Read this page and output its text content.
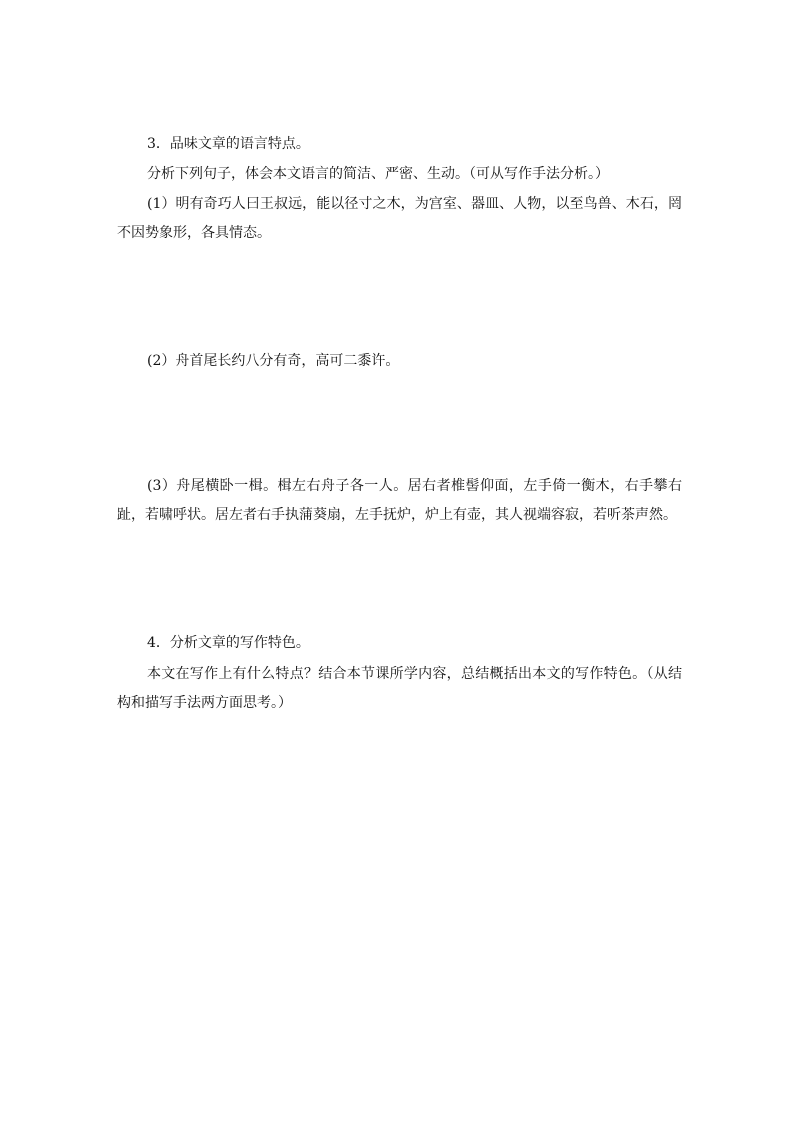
3．品味文章的语言特点。
分析下列句子，体会本文语言的简洁、严密、生动。（可从写作手法分析。）
(1）明有奇巧人曰王叔远，能以径寸之木，为宫室、器皿、人物，以至鸟兽、木石，罔不因势象形，各具情态。
(2）舟首尾长约八分有奇，高可二黍许。
(3）舟尾横卧一楫。楫左右舟子各一人。居右者椎髻仰面，左手倚一衡木，右手攀右趾，若啸呼状。居左者右手执蒲葵扇，左手抚炉，炉上有壶，其人视端容寂，若听茶声然。
4．分析文章的写作特色。
本文在写作上有什么特点？结合本节课所学内容，总结概括出本文的写作特色。（从结构和描写手法两方面思考。）
